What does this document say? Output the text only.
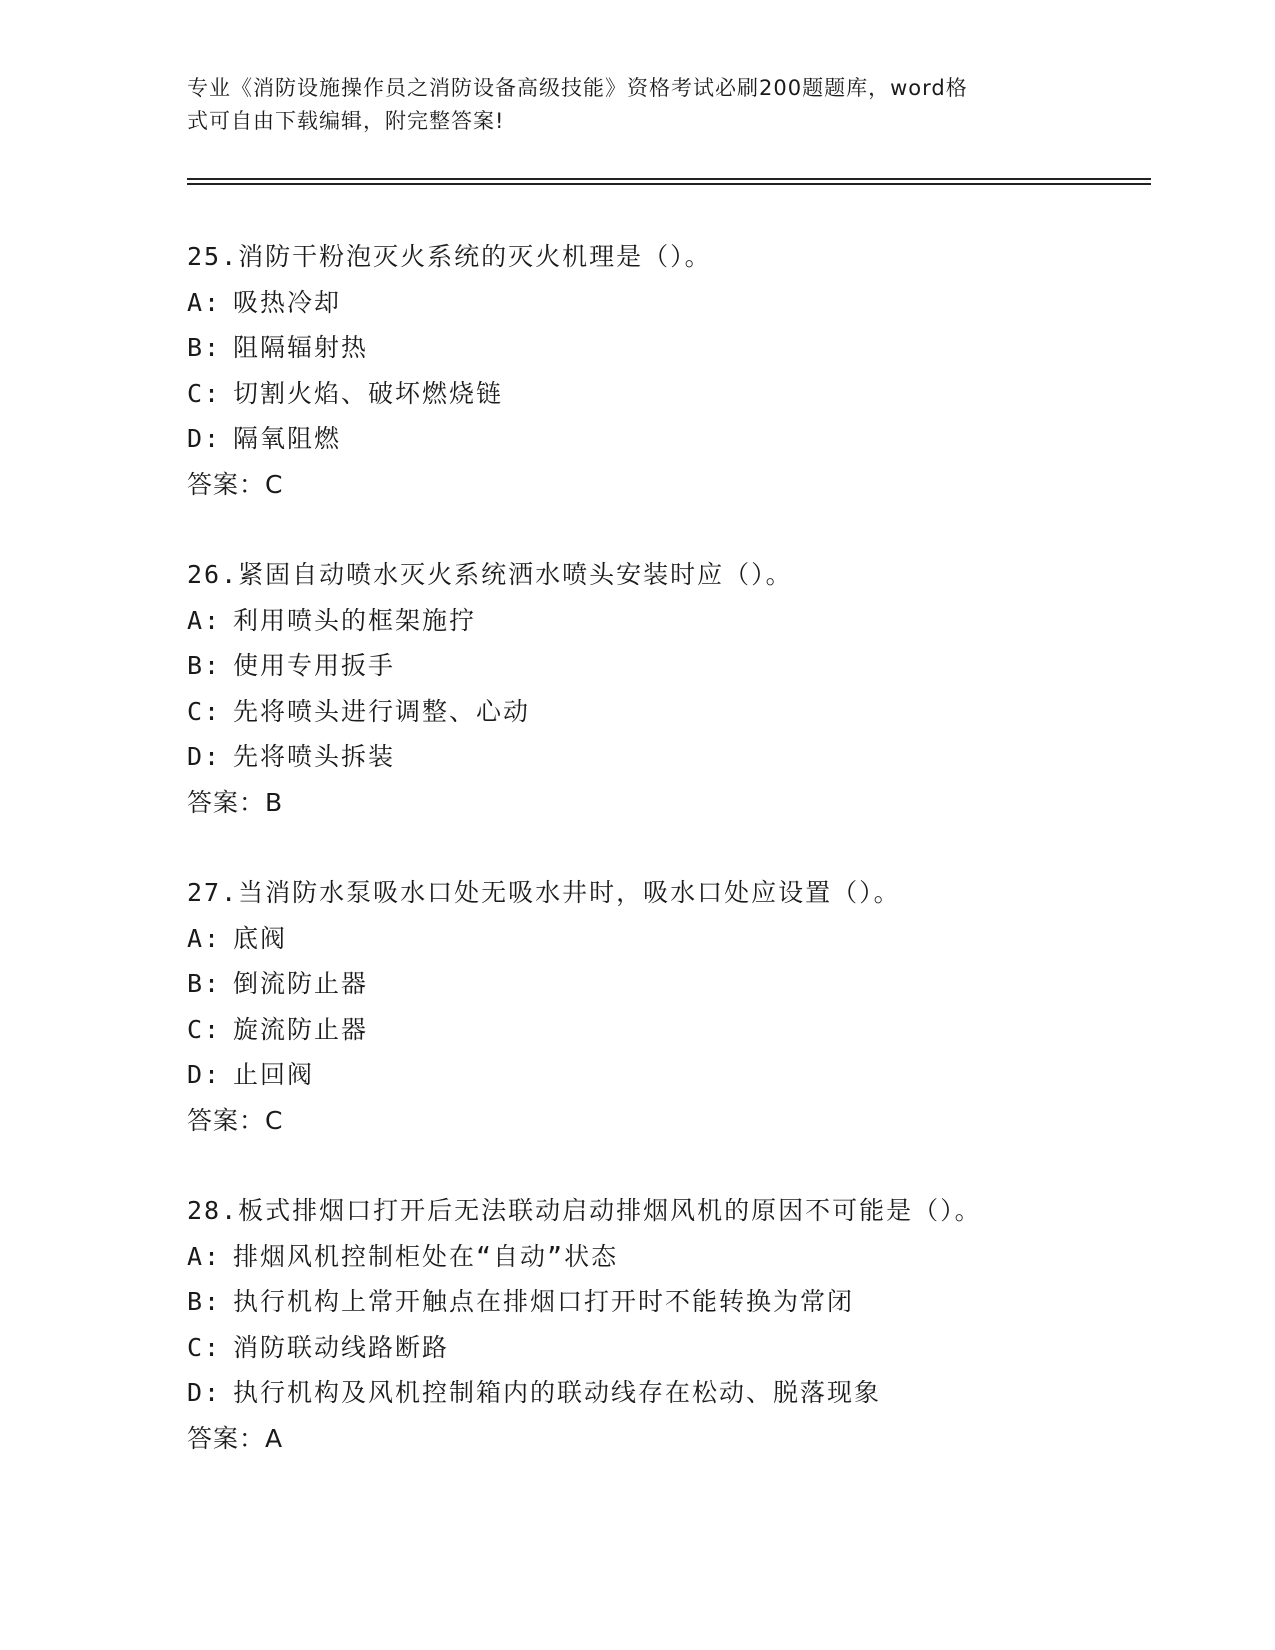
专业《消防设施操作员之消防设备高级技能》资格考试必刷200题题库，word格
式可自由下载编辑，附完整答案!
25.消防干粉泡灭火系统的灭火机理是（）。
A: 吸热冷却
B: 阻隔辐射热
C: 切割火焰、破坏燃烧链
D: 隔氧阻燃
答案：C
26.紧固自动喷水灭火系统洒水喷头安装时应（）。
A: 利用喷头的框架施拧
B: 使用专用扳手
C: 先将喷头进行调整、心动
D: 先将喷头拆装
答案：B
27.当消防水泵吸水口处无吸水井时，吸水口处应设置（）。
A: 底阀
B: 倒流防止器
C: 旋流防止器
D: 止回阀
答案：C
28.板式排烟口打开后无法联动启动排烟风机的原因不可能是（）。
A: 排烟风机控制柜处在“自动”状态
B: 执行机构上常开触点在排烟口打开时不能转换为常闭
C: 消防联动线路断路
D: 执行机构及风机控制箱内的联动线存在松动、脱落现象
答案：A
